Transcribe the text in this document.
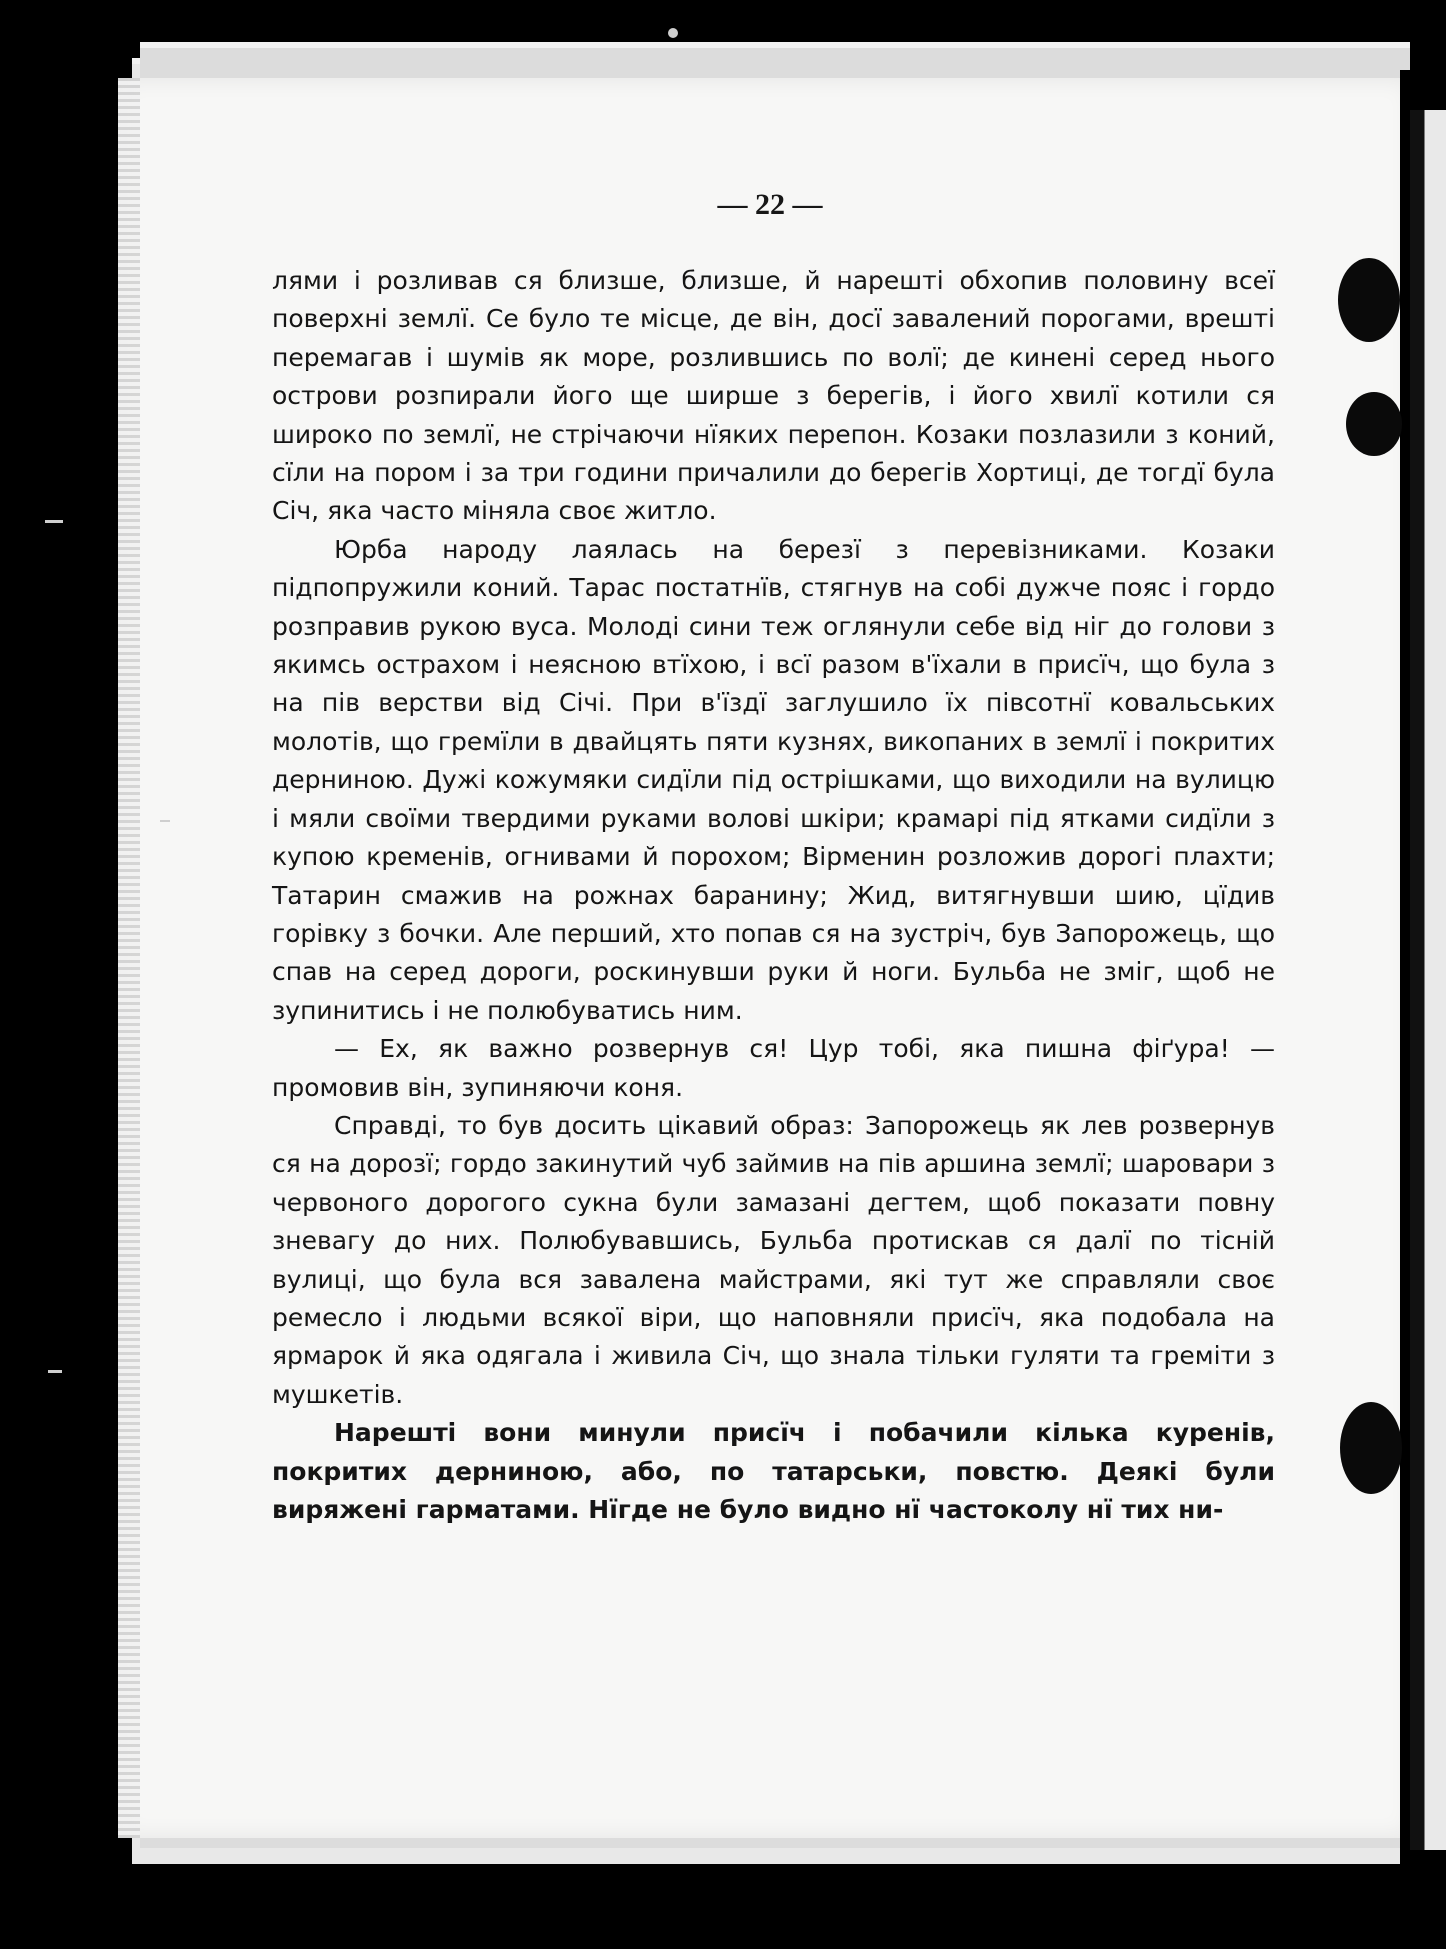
— 22 —

лями і розливав ся близше, близше, й нарешті обхопив половину всеї поверхні землї. Се було те місце, де він, досї завалений порогами, врешті перемагав і шумів як море, розлившись по волї; де кинені серед нього острови розпирали його ще ширше з берегів, і його хвилї котили ся широко по землї, не стрічаючи нїяких перепон. Козаки позлазили з коний, сїли на пором і за три години причалили до берегів Хортиці, де тогдї була Січ, яка часто міняла своє житло.

Юрба народу лаялась на березї з перевізниками. Козаки підпопружили коний. Тарас постатнїв, стягнув на собі дужче пояс і гордо розправив рукою вуса. Молоді сини теж оглянули себе від ніг до голови з якимсь острахом і неясною втїхою, і всї разом в'їхали в присїч, що була з на пів верстви від Січі. При в'їздї заглушило їх півсотнї ковальських молотів, що гремїли в двайцять пяти кузнях, викопаних в землї і покритих дерниною. Дужі кожумяки сидїли під острішками, що виходили на вулицю і мяли своїми твердими руками волові шкіри; крамарі під ятками сидїли з купою кременів, огнивами й порохом; Вірменин розложив дорогі плахти; Татарин смажив на рожнах баранину; Жид, витягнувши шию, цїдив горівку з бочки. Але перший, хто попав ся на зустріч, був Запорожець, що спав на серед дороги, роскинувши руки й ноги. Бульба не зміг, щоб не зупинитись і не полюбуватись ним.

— Ех, як важно розвернув ся! Цур тобі, яка пишна фіґура! — промовив він, зупиняючи коня.

Справді, то був досить цікавий образ: Запорожець як лев розвернув ся на дорозї; гордо закинутий чуб займив на пів аршина землї; шаровари з червоного дорогого сукна були замазані дегтем, щоб показати повну зневагу до них. Полюбувавшись, Бульба протискав ся далї по тісній вулиці, що була вся завалена майстрами, які тут же справляли своє ремесло і людьми всякої віри, що наповняли присїч, яка подобала на ярмарок й яка одягала і живила Січ, що знала тільки гуляти та греміти з мушкетів.

Нарешті вони минули присїч і побачили кілька куренів, покритих дерниною, або, по татарськи, повстю. Деякі були виряжені гарматами. Нїгде не було видно нї частоколу нї тих ни-
